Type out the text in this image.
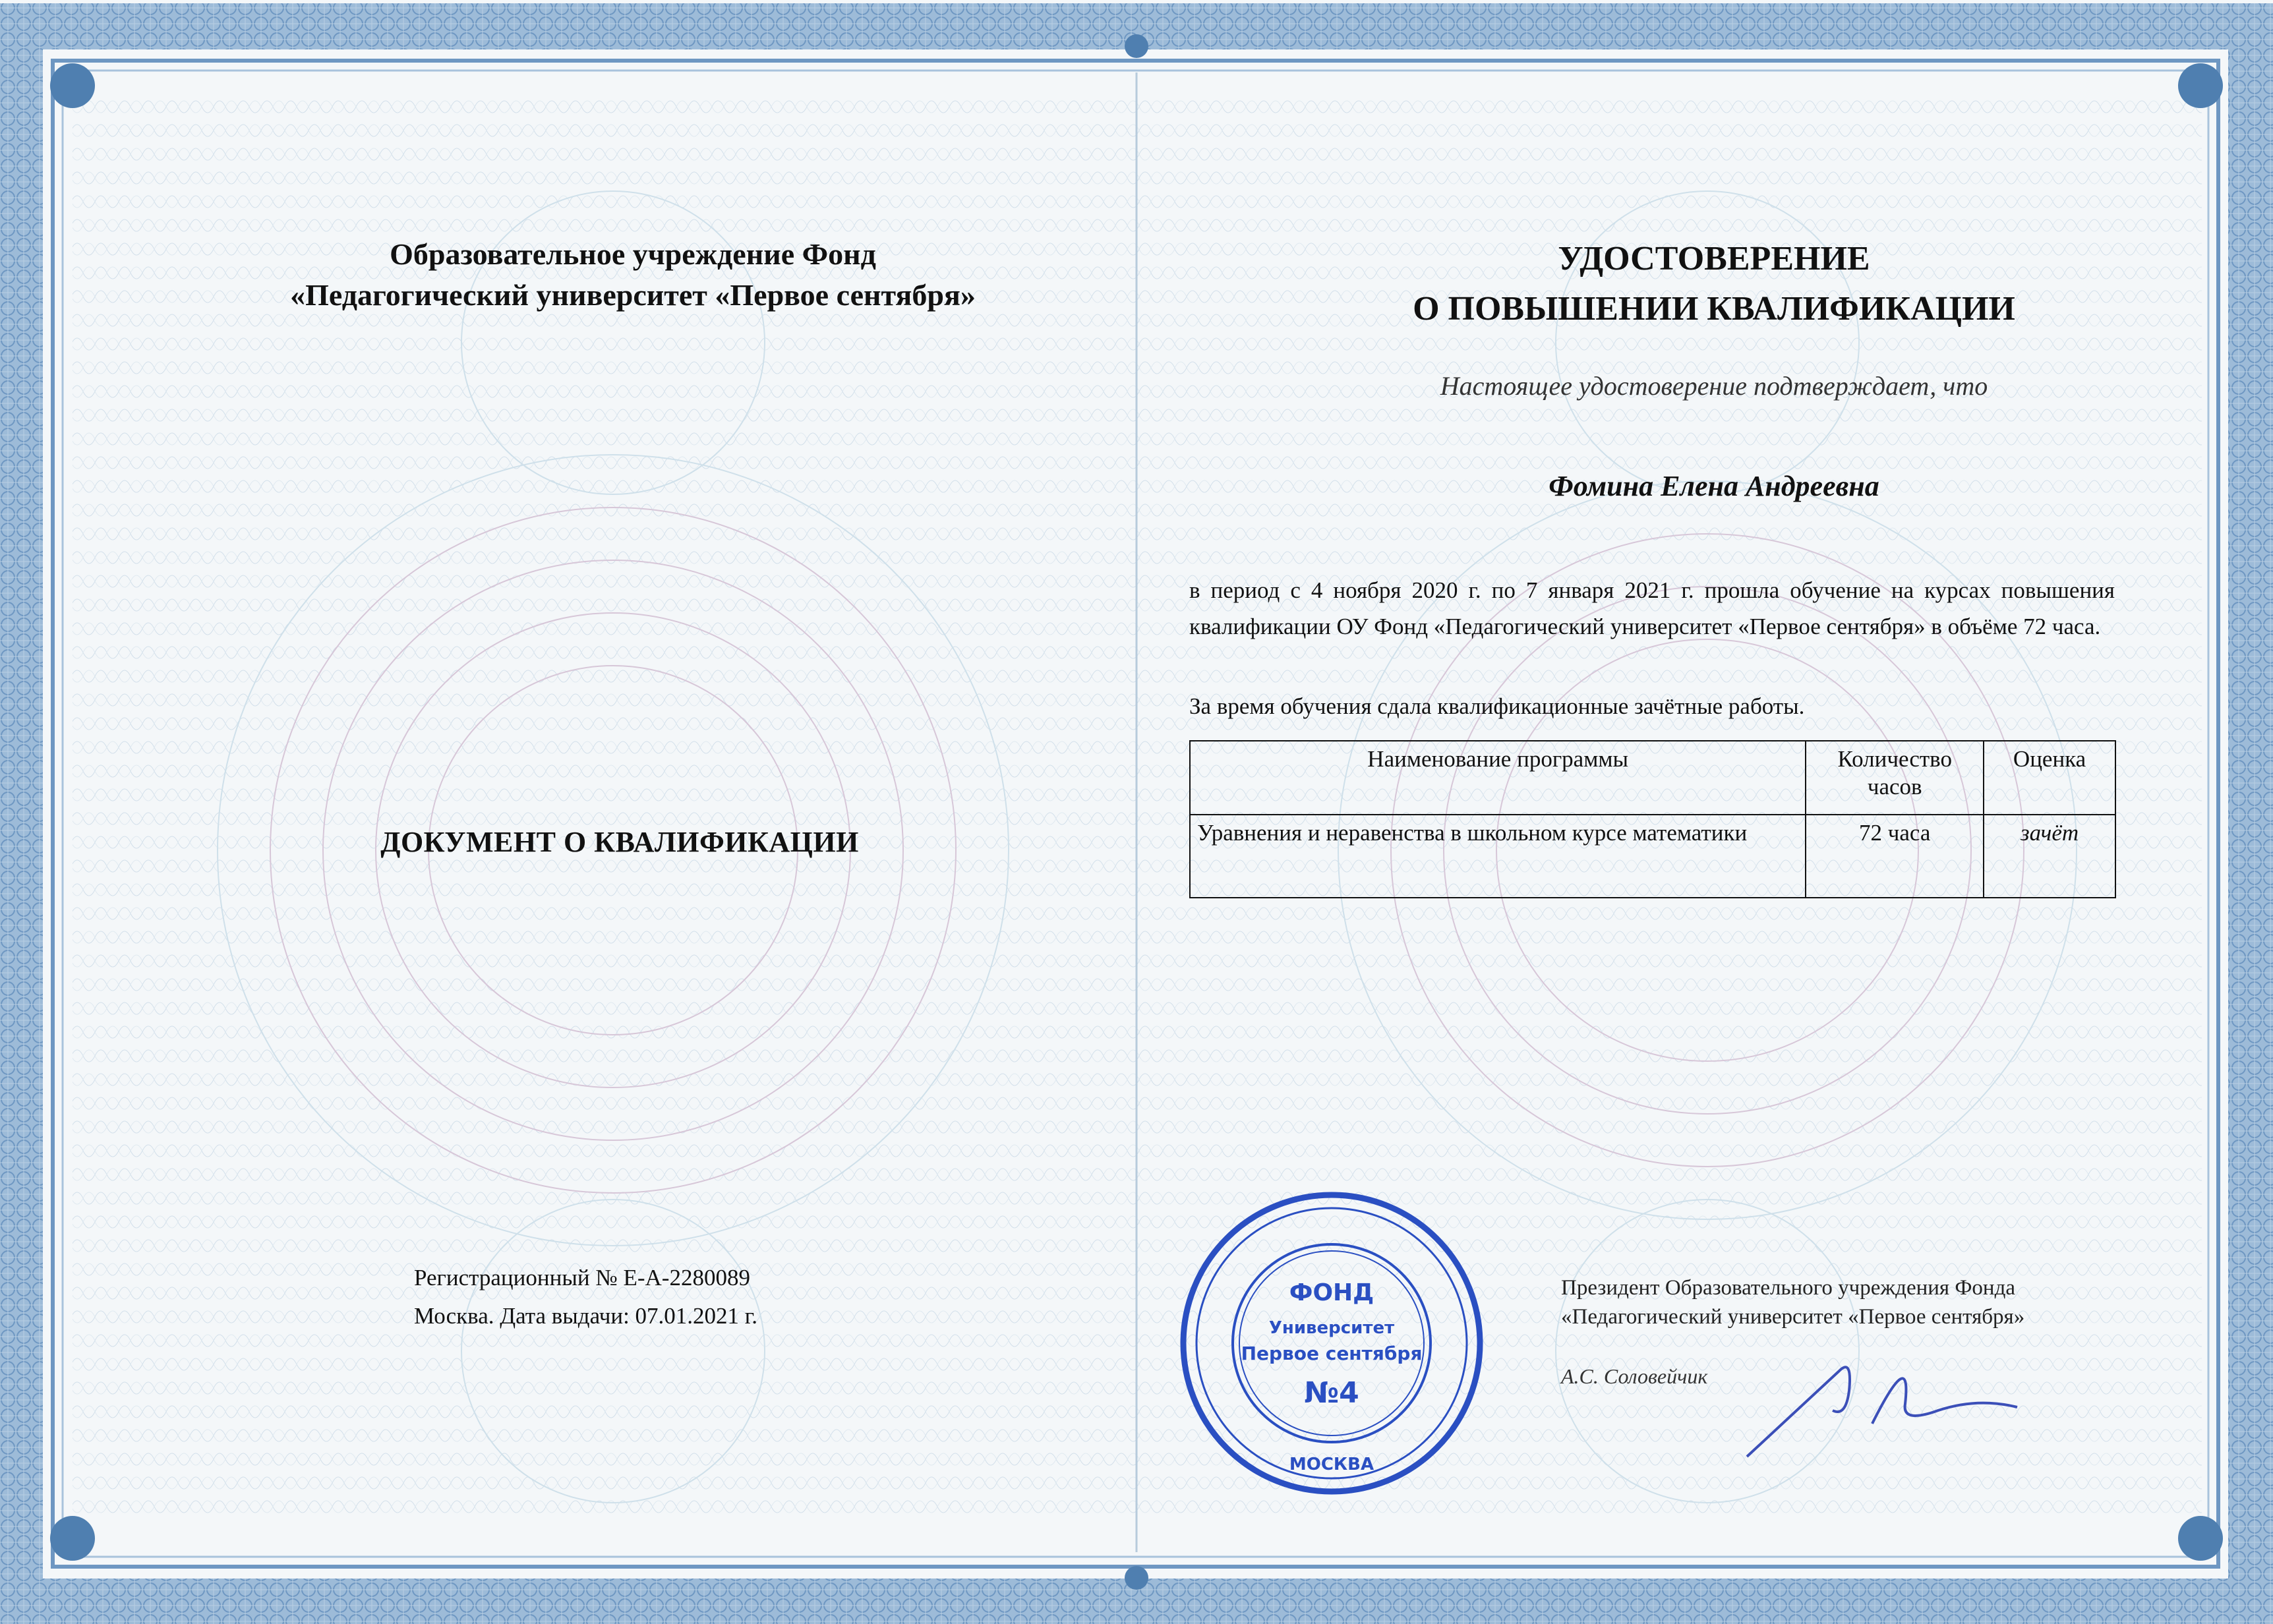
Образовательное учреждение Фонд
«Педагогический университет «Первое сентября»
ДОКУМЕНТ О КВАЛИФИКАЦИИ
Регистрационный № Е-А-2280089
Москва. Дата выдачи: 07.01.2021 г.
УДОСТОВЕРЕНИЕ
О ПОВЫШЕНИИ КВАЛИФИКАЦИИ
Настоящее удостоверение подтверждает, что
Фомина Елена Андреевна
в период с 4 ноября 2020 г. по 7 января 2021 г. прошла обучение на курсах повышения квалификации ОУ Фонд «Педагогический университет «Первое сентября» в объёме 72 часа.
За время обучения сдала квалификационные зачётные работы.
Наименование программы	Количество часов	Оценка
Уравнения и неравенства в школьном курсе математики	72 часа	зачёт
Президент Образовательного учреждения Фонда
«Педагогический университет «Первое сентября»
А.С. Соловейчик
ФОНД
Университет
Первое сентября
№4
МОСКВА
